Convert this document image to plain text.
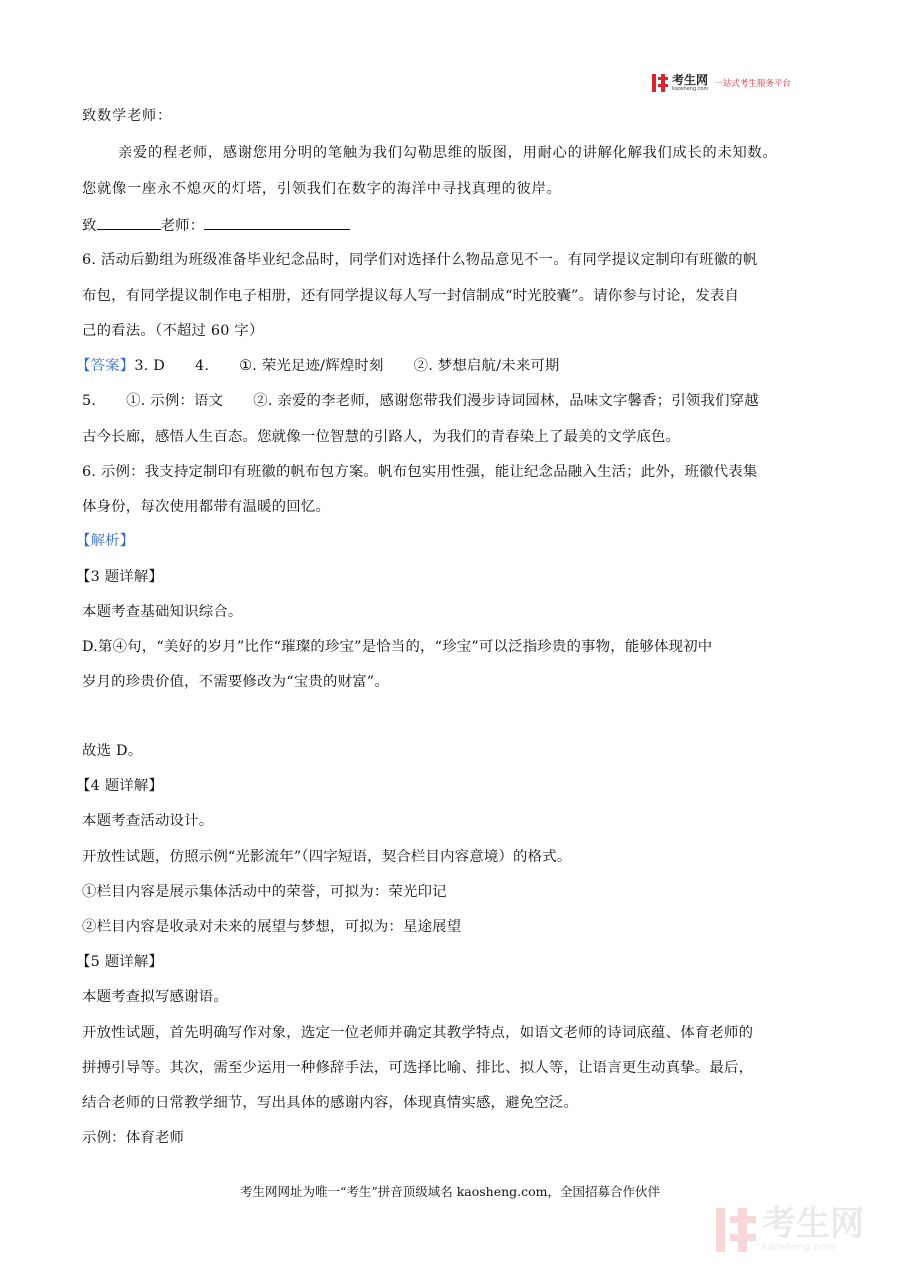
考生网
kaosheng.com 一站式考生服务平台
致数学老师：
亲爱的程老师，感谢您用分明的笔触为我们勾勒思维的版图，用耐心的讲解化解我们成长的未知数。
您就像一座永不熄灭的灯塔，引领我们在数字的海洋中寻找真理的彼岸。
致	老师：
6. 活动后勤组为班级准备毕业纪念品时，同学们对选择什么物品意见不一。有同学提议定制印有班徽的帆
布包，有同学提议制作电子相册，还有同学提议每人写一封信制成“时光胶囊”。请你参与讨论，发表自
己的看法。（不超过 60 字）
【答案】3. D 4. ①. 荣光足迹/辉煌时刻 ②. 梦想启航/未来可期
5. ①. 示例：语文 ②. 亲爱的李老师，感谢您带我们漫步诗词园林，品味文字馨香；引领我们穿越
古今长廊，感悟人生百态。您就像一位智慧的引路人，为我们的青春染上了最美的文学底色。
6. 示例：我支持定制印有班徽的帆布包方案。帆布包实用性强，能让纪念品融入生活；此外，班徽代表集
体身份，每次使用都带有温暖的回忆。
【解析】
【3 题详解】
本题考查基础知识综合。
D.第④句，“美好的岁月”比作“璀璨的珍宝”是恰当的，“珍宝”可以泛指珍贵的事物，能够体现初中
岁月的珍贵价值，不需要修改为“宝贵的财富”。
故选 D。
【4 题详解】
本题考查活动设计。
开放性试题，仿照示例“光影流年”（四字短语，契合栏目内容意境）的格式。
①栏目内容是展示集体活动中的荣誉，可拟为：荣光印记
②栏目内容是收录对未来的展望与梦想，可拟为：星途展望
【5 题详解】
本题考查拟写感谢语。
开放性试题，首先明确写作对象，选定一位老师并确定其教学特点，如语文老师的诗词底蕴、体育老师的
拼搏引导等。其次，需至少运用一种修辞手法，可选择比喻、排比、拟人等，让语言更生动真挚。最后，
结合老师的日常教学细节，写出具体的感谢内容，体现真情实感，避免空泛。
示例：体育老师
考生网网址为唯一“考生”拼音顶级域名 kaosheng.com，全国招募合作伙伴
考生网
kaosheng.com
